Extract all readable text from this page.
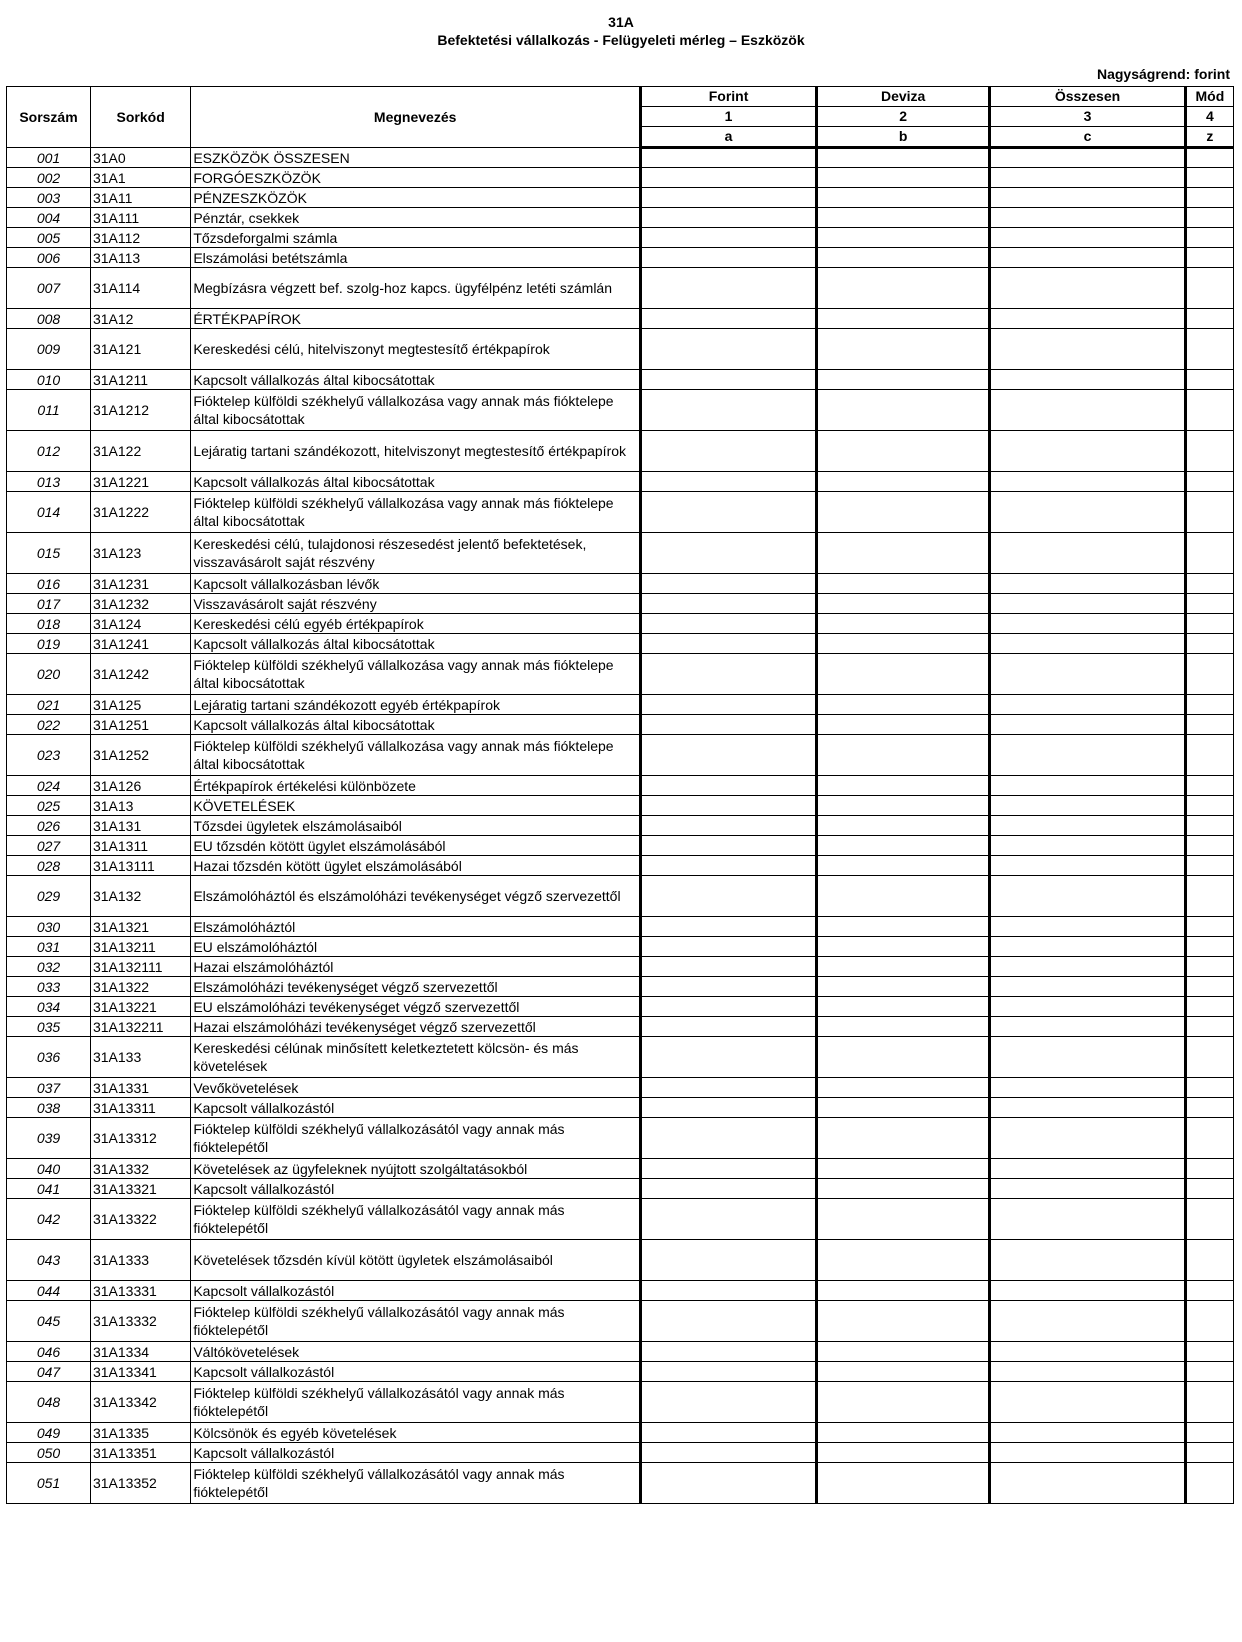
31A
Befektetési vállalkozás - Felügyeleti mérleg – Eszközök
Nagyságrend: forint
Sorszám	Sorkód	Megnevezés	Forint	Deviza	Összesen	Mód
			1	2	3	4
			a	b	c	z
001	31A0	ESZKÖZÖK ÖSSZESEN				
002	31A1	FORGÓESZKÖZÖK				
003	31A11	PÉNZESZKÖZÖK				
004	31A111	Pénztár, csekkek				
005	31A112	Tőzsdeforgalmi számla				
006	31A113	Elszámolási betétszámla				
007	31A114	Megbízásra végzett bef. szolg-hoz kapcs. ügyfélpénz letéti számlán				
008	31A12	ÉRTÉKPAPÍROK				
009	31A121	Kereskedési célú, hitelviszonyt megtestesítő értékpapírok				
010	31A1211	Kapcsolt vállalkozás által kibocsátottak				
011	31A1212	Fióktelep külföldi székhelyű vállalkozása vagy annak más fióktelepe által kibocsátottak				
012	31A122	Lejáratig tartani szándékozott, hitelviszonyt megtestesítő értékpapírok				
013	31A1221	Kapcsolt vállalkozás által kibocsátottak				
014	31A1222	Fióktelep külföldi székhelyű vállalkozása vagy annak más fióktelepe által kibocsátottak				
015	31A123	Kereskedési célú, tulajdonosi részesedést jelentő befektetések, visszavásárolt saját részvény				
016	31A1231	Kapcsolt vállalkozásban lévők				
017	31A1232	Visszavásárolt saját részvény				
018	31A124	Kereskedési célú egyéb értékpapírok				
019	31A1241	Kapcsolt vállalkozás által kibocsátottak				
020	31A1242	Fióktelep külföldi székhelyű vállalkozása vagy annak más fióktelepe által kibocsátottak				
021	31A125	Lejáratig tartani szándékozott egyéb értékpapírok				
022	31A1251	Kapcsolt vállalkozás által kibocsátottak				
023	31A1252	Fióktelep külföldi székhelyű vállalkozása vagy annak más fióktelepe által kibocsátottak				
024	31A126	Értékpapírok értékelési különbözete				
025	31A13	KÖVETELÉSEK				
026	31A131	Tőzsdei ügyletek elszámolásaiból				
027	31A1311	EU tőzsdén kötött ügylet elszámolásából				
028	31A13111	Hazai tőzsdén kötött ügylet elszámolásából				
029	31A132	Elszámolóháztól és elszámolóházi tevékenységet végző szervezettől				
030	31A1321	Elszámolóháztól				
031	31A13211	EU elszámolóháztól				
032	31A132111	Hazai elszámolóháztól				
033	31A1322	Elszámolóházi tevékenységet végző szervezettől				
034	31A13221	EU elszámolóházi tevékenységet végző szervezettől				
035	31A132211	Hazai elszámolóházi tevékenységet végző szervezettől				
036	31A133	Kereskedési célúnak minősített keletkeztetett kölcsön- és más követelések				
037	31A1331	Vevőkövetelések				
038	31A13311	Kapcsolt vállalkozástól				
039	31A13312	Fióktelep külföldi székhelyű vállalkozásától vagy annak más fióktelepétől				
040	31A1332	Követelések az ügyfeleknek nyújtott szolgáltatásokból				
041	31A13321	Kapcsolt vállalkozástól				
042	31A13322	Fióktelep külföldi székhelyű vállalkozásától vagy annak más fióktelepétől				
043	31A1333	Követelések tőzsdén kívül kötött ügyletek elszámolásaiból				
044	31A13331	Kapcsolt vállalkozástól				
045	31A13332	Fióktelep külföldi székhelyű vállalkozásától vagy annak más fióktelepétől				
046	31A1334	Váltókövetelések				
047	31A13341	Kapcsolt vállalkozástól				
048	31A13342	Fióktelep külföldi székhelyű vállalkozásától vagy annak más fióktelepétől				
049	31A1335	Kölcsönök és egyéb követelések				
050	31A13351	Kapcsolt vállalkozástól				
051	31A13352	Fióktelep külföldi székhelyű vállalkozásától vagy annak más fióktelepétől				
